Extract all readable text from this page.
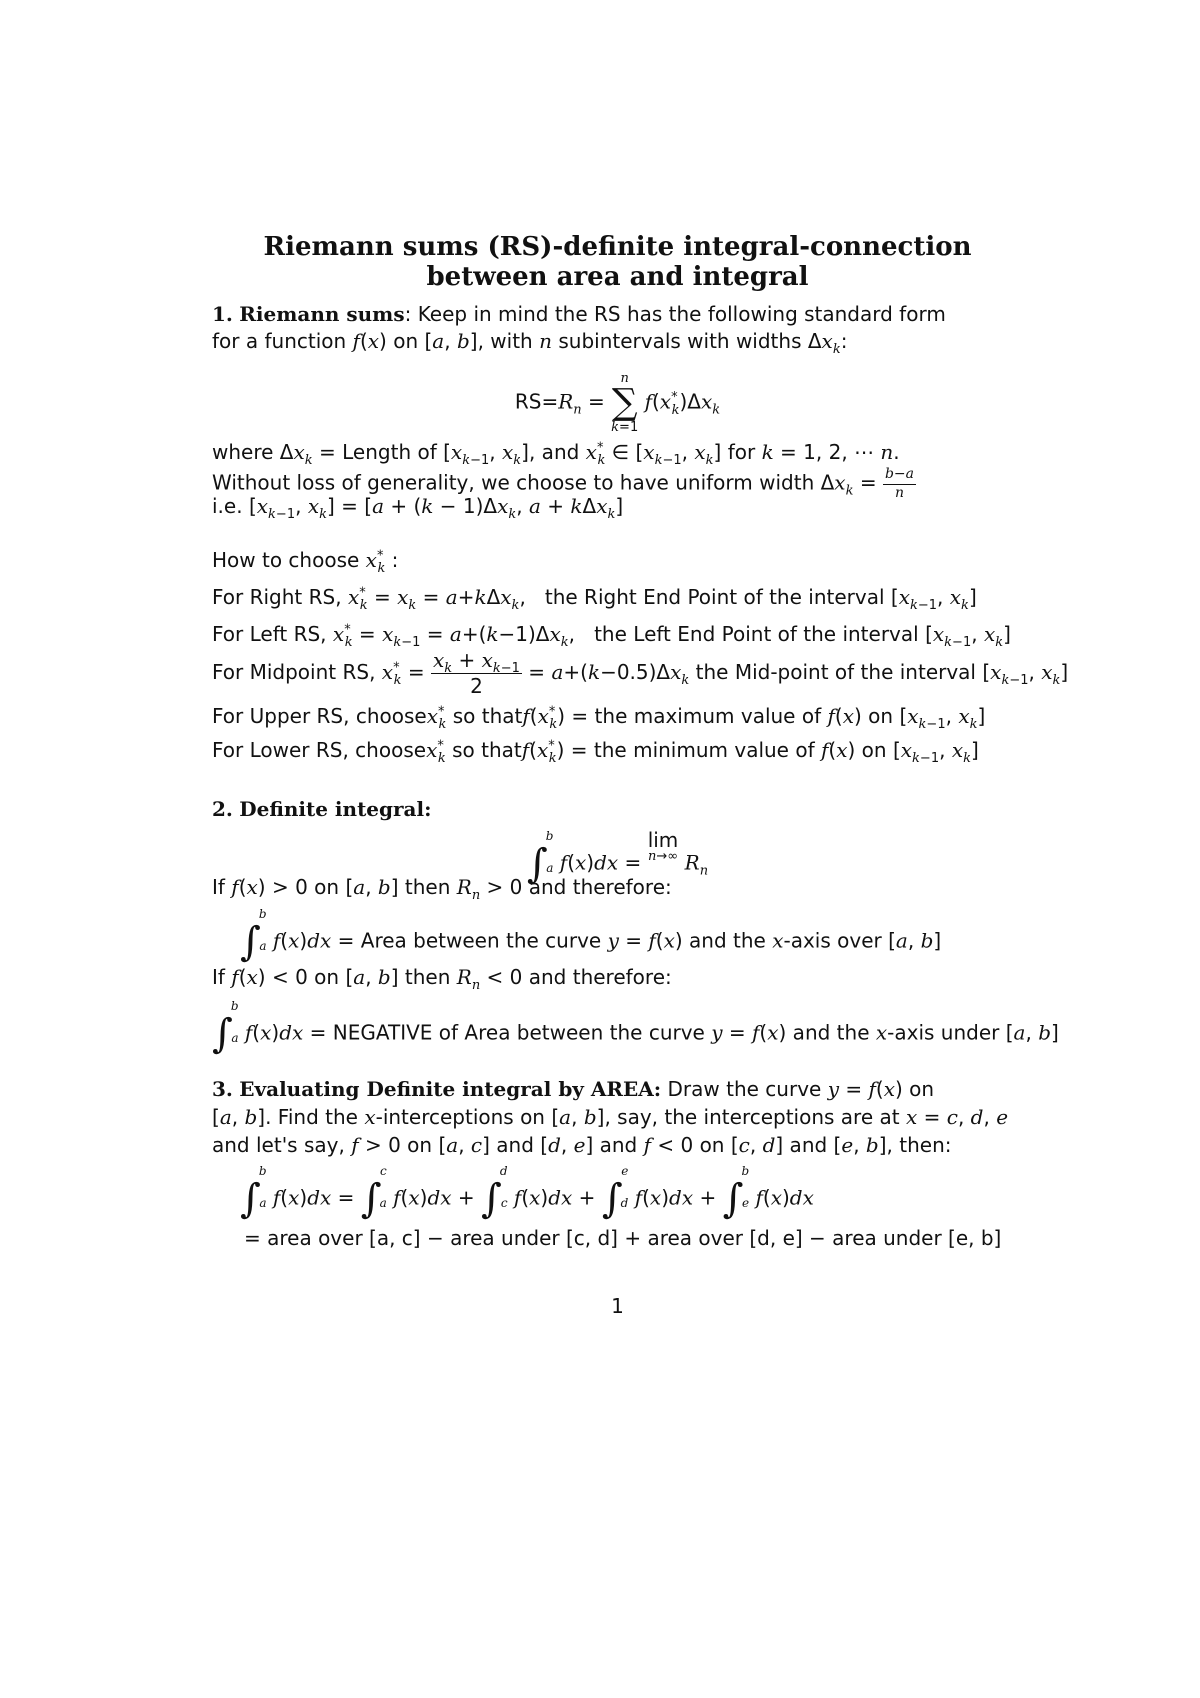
Riemann sums (RS)-definite integral-connection
between area and integral
1. Riemann sums: Keep in mind the RS has the following standard form
for a function f(x) on [a, b], with n subintervals with widths $\Delta x_k$:
$RS=R_n$ =
n
∑
k=1
$f(x^*_k)\Delta x_k$
where $\Delta x_k$ = Length of [$x_{k-1}$, $x_k$], and $x^*_k$ ∈ [$x_{k-1}$, $x_k$] for k = 1, 2, ⋯ n.
Without loss of generality, we choose to have uniform width $\Delta x_k = \frac{b-a}{n}$
i.e. [$x_{k-1}$, $x_k] = [a + (k - 1)\Delta x_k$, a + kΔx$_k$]
How to choose $x^*_k$ :
For Right RS, $x^*_k = x_k = a+k\Delta x_k$,   the Right End Point of the interval [$x_{k-1}$, $x_k$]
For Left RS, $x^*_k = x_{k-1} = a+(k-1)\Delta x_k$,   the Left End Point of the interval [$x_{k-1}$, $x_k$]
For Midpoint RS, $x^*_k = \frac{x_k + x_{k-1}}{2} = a+(k-0.5)\Delta x_k$ the Mid-point of the interval [$x_{k-1}$, $x_k$]
For Upper RS, choosex*$_k$ so $thatf(x^*_k)$ = the maximum value of f(x) on [$x_{k-1}$, $x_k$]
For Lower RS, choosex*$_k$ so $thatf(x^*_k)$ = the minimum value of f(x) on [$x_{k-1}$, $x_k$]
2. Definite integral:
∫
b
a f(x)dx =
lim
n→∞ $R_n$
If f(x) > 0 on [a, b] then $R_n > 0$ and therefore:
∫
b
a f(x)dx = Area between the curve y = f(x) and the x-axis over [a, b]
If f(x) < 0 on [a, b] then $R_n < 0$ and therefore:
∫
b
a f(x)dx = NEGATIVE of Area between the curve y = f(x) and the x-axis under [a, b]
3. Evaluating Definite integral by AREA: Draw the curve y = f(x) on
[a, b]. Find the x-interceptions on [a, b], say, the interceptions are at x = c, d, e
and let's say, f > 0 on [a, c] and [d, e] and f < 0 on [c, d] and [e, b], then:
∫
b
a f(x)dx = ∫
c
a f(x)dx + ∫
d
c f(x)dx + ∫
e
d f(x)dx + ∫
b
e f(x)dx
= area over [a, c] − area under [c, d] + area over [d, e] − area under [e, b]
1
